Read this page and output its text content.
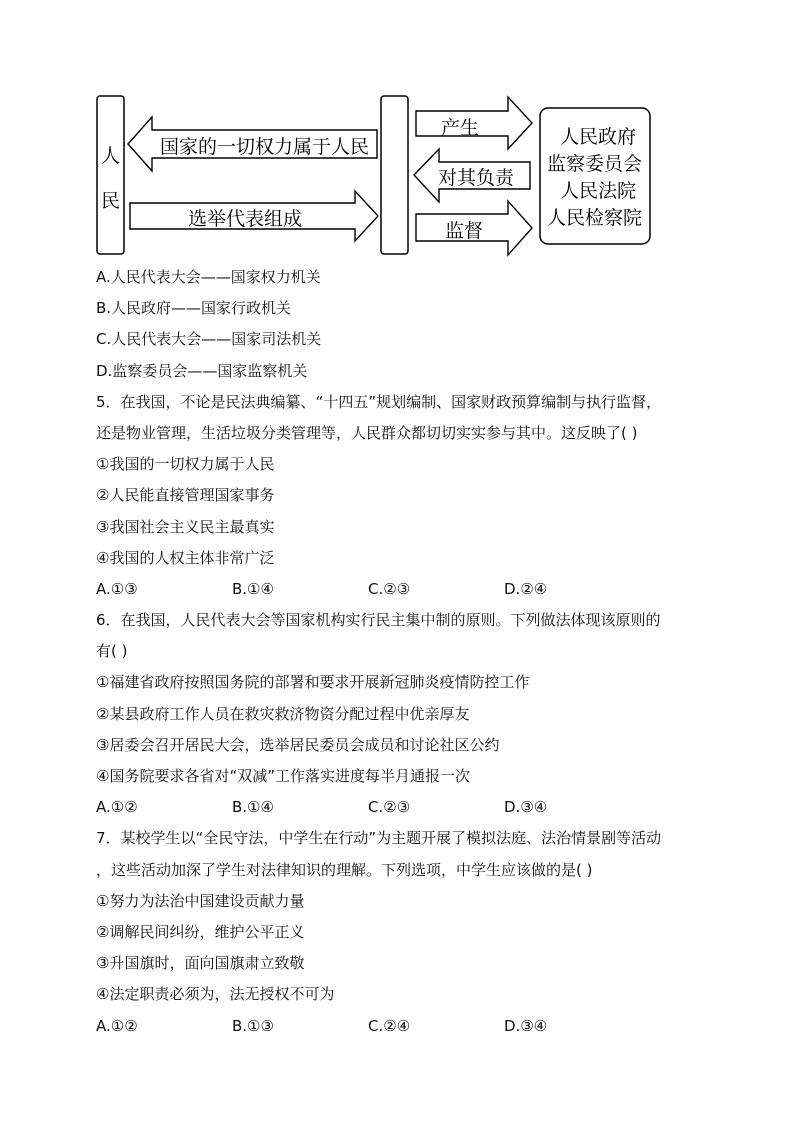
人
民
国家的一切权力属于人民
选举代表组成
产生
对其负责
监督
人民政府
监察委员会
人民法院
人民检察院
A.人民代表大会——国家权力机关
B.人民政府——国家行政机关
C.人民代表大会——国家司法机关
D.监察委员会——国家监察机关
5．在我国，不论是民法典编纂、“十四五”规划编制、国家财政预算编制与执行监督，
还是物业管理，生活垃圾分类管理等，人民群众都切切实实参与其中。这反映了( )
①我国的一切权力属于人民
②人民能直接管理国家事务
③我国社会主义民主最真实
④我国的人权主体非常广泛
A.①③	B.①④	C.②③	D.②④
6．在我国，人民代表大会等国家机构实行民主集中制的原则。下列做法体现该原则的
有( )
①福建省政府按照国务院的部署和要求开展新冠肺炎疫情防控工作
②某县政府工作人员在救灾救济物资分配过程中优亲厚友
③居委会召开居民大会，选举居民委员会成员和讨论社区公约
④国务院要求各省对“双减”工作落实进度每半月通报一次
A.①②	B.①④	C.②③	D.③④
7．某校学生以“全民守法，中学生在行动”为主题开展了模拟法庭、法治情景剧等活动
，这些活动加深了学生对法律知识的理解。下列选项，中学生应该做的是( )
①努力为法治中国建设贡献力量
②调解民间纠纷，维护公平正义
③升国旗时，面向国旗肃立致敬
④法定职责必须为，法无授权不可为
A.①②	B.①③	C.②④	D.③④
